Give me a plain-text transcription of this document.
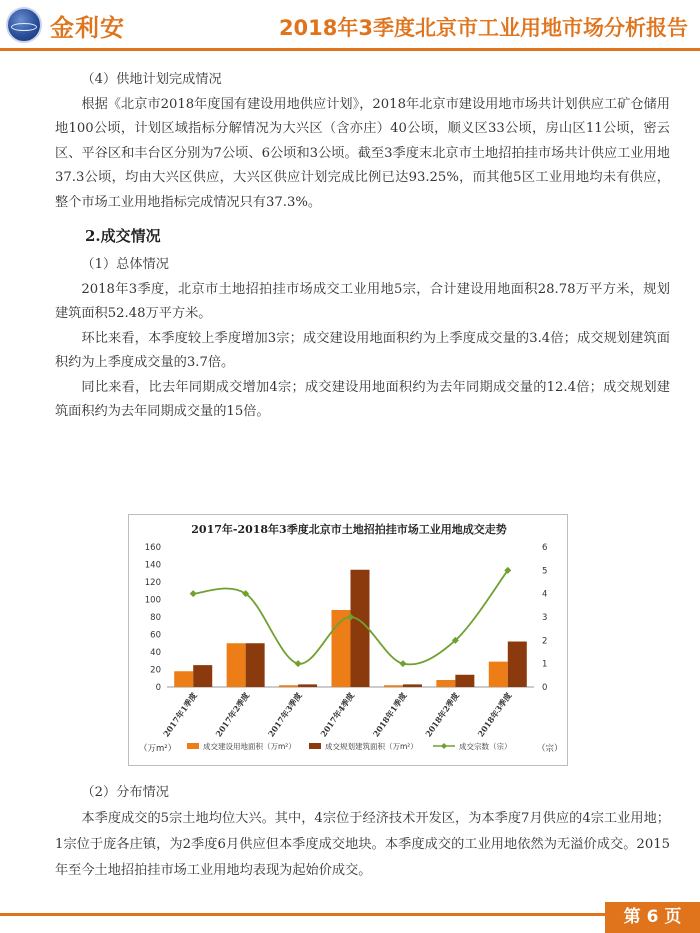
金利安	2018年3季度北京市工业用地市场分析报告
（4）供地计划完成情况
根据《北京市2018年度国有建设用地供应计划》，2018年北京市建设用地市场共计划供应工矿仓储用地100公顷，计划区域指标分解情况为大兴区（含亦庄）40公顷，顺义区33公顷，房山区11公顷，密云区、平谷区和丰台区分别为7公顷、6公顷和3公顷。截至3季度末北京市土地招拍挂市场共计供应工业用地37.3公顷，均由大兴区供应，大兴区供应计划完成比例已达93.25%，而其他5区工业用地均未有供应，整个市场工业用地指标完成情况只有37.3%。
2.成交情况
（1）总体情况
2018年3季度，北京市土地招拍挂市场成交工业用地5宗，合计建设用地面积28.78万平方米，规划建筑面积52.48万平方米。
环比来看，本季度较上季度增加3宗；成交建设用地面积约为上季度成交量的3.4倍；成交规划建筑面积约为上季度成交量的3.7倍。
同比来看，比去年同期成交增加4宗；成交建设用地面积约为去年同期成交量的12.4倍；成交规划建筑面积约为去年同期成交量的15倍。
2017年-2018年3季度北京市土地招拍挂市场工业用地成交走势
0
20
40
60
80
100
120
140
160
0
1
2
3
4
5
6
2017年1季度 2017年2季度 2017年3季度 2017年4季度 2018年1季度 2018年2季度 2018年3季度
（万m²）	（宗）
成交建设用地面积（万m²）	成交规划建筑面积（万m²）	成交宗数（宗）
（2）分布情况
本季度成交的5宗土地均位大兴。其中，4宗位于经济技术开发区，为本季度7月供应的4宗工业用地；1宗位于庞各庄镇，为2季度6月供应但本季度成交地块。本季度成交的工业用地依然为无溢价成交。2015年至今土地招拍挂市场工业用地均表现为起始价成交。
第 6 页
